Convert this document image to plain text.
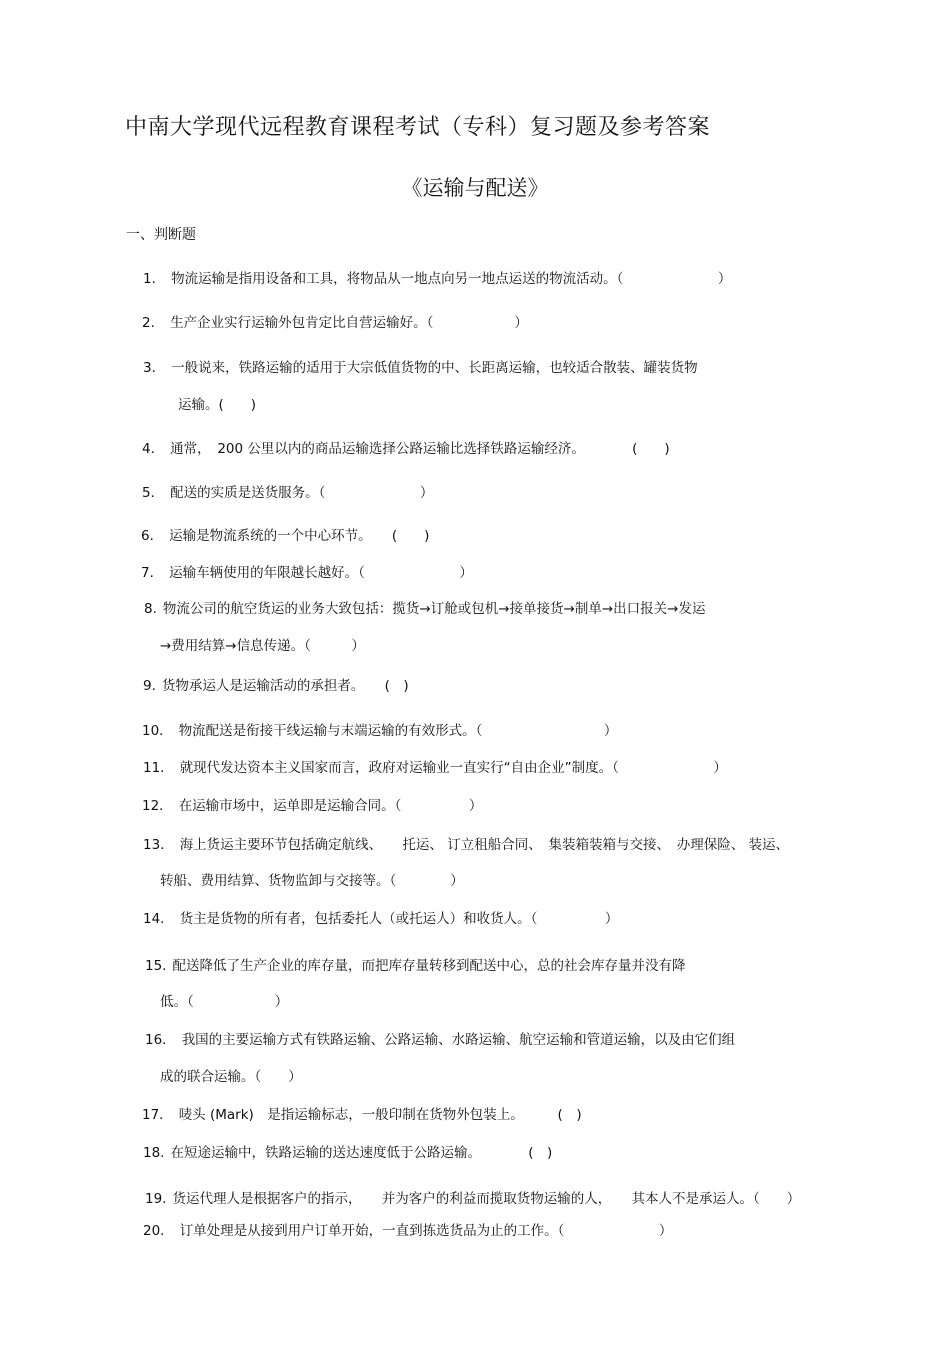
中南大学现代远程教育课程考试（专科）复习题及参考答案
《运输与配送》
一、判断题
1． 物流运输是指用设备和工具，将物品从一地点向另一地点运送的物流活动。（　　　　　　　）
2． 生产企业实行运输外包肯定比自营运输好。（　　　　　　）
3． 一般说来，铁路运输的适用于大宗低值货物的中、长距离运输，也较适合散装、罐装货物
运输。(　　)
4． 通常，　200 公里以内的商品运输选择公路运输比选择铁路运输经济。　　　　(　　)
5． 配送的实质是送货服务。（　　　　　　　）
6． 运输是物流系统的一个中心环节。　　(　　)
7． 运输车辆使用的年限越长越好。（　　　　　　　）
8. 物流公司的航空货运的业务大致包括：揽货→订舱或包机→接单接货→制单→出口报关→发运
→费用结算→信息传递。（　　　）
9. 货物承运人是运输活动的承担者。　　(　)
10． 物流配送是衔接干线运输与末端运输的有效形式。（　　　　　　　　　）
11． 就现代发达资本主义国家而言，政府对运输业一直实行“自由企业”制度。（　　　　　　　）
12． 在运输市场中，运单即是运输合同。（　　　　　）
13． 海上货运主要环节包括确定航线、　　托运、 订立租船合同、　集装箱装箱与交接、　办理保险、 装运、
转船、费用结算、货物监卸与交接等。（　　　　）
14． 货主是货物的所有者，包括委托人（或托运人）和收货人。（　　　　　）
15. 配送降低了生产企业的库存量，而把库存量转移到配送中心，总的社会库存量并没有降
低。（　　　　　　）
16． 我国的主要运输方式有铁路运输、公路运输、水路运输、航空运输和管道运输，以及由它们组
成的联合运输。（　　）
17． 唛头 (Mark)　是指运输标志，一般印制在货物外包装上。　　　(　)
18. 在短途运输中，铁路运输的送达速度低于公路运输。　　　　(　)
19. 货运代理人是根据客户的指示，　　并为客户的利益而揽取货物运输的人，　　其本人不是承运人。（　　）
20． 订单处理是从接到用户订单开始，一直到拣选货品为止的工作。（　　　　　　　）
